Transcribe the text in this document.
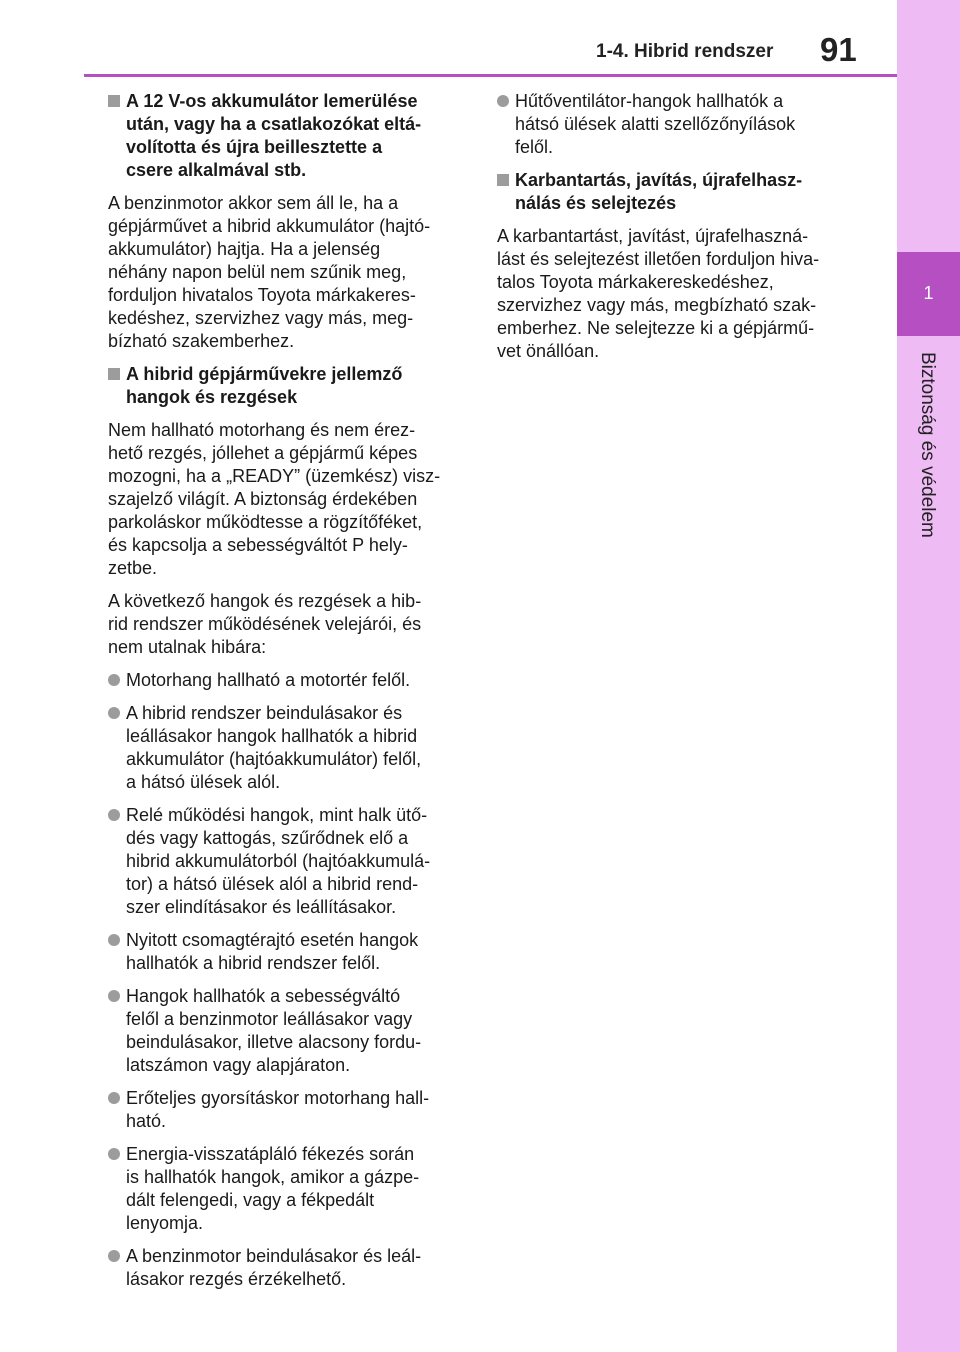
1-4. Hibrid rendszer 91
1
Biztonság és védelem
A 12 V-os akkumulátor lemerülése
után, vagy ha a csatlakozókat eltá-
volította és újra beillesztette a
csere alkalmával stb.
A benzinmotor akkor sem áll le, ha a
gépjárművet a hibrid akkumulátor (hajtó-
akkumulátor) hajtja. Ha a jelenség
néhány napon belül nem szűnik meg,
forduljon hivatalos Toyota márkakeres-
kedéshez, szervizhez vagy más, meg-
bízható szakemberhez.
A hibrid gépjárművekre jellemző
hangok és rezgések
Nem hallható motorhang és nem érez-
hető rezgés, jóllehet a gépjármű képes
mozogni, ha a „READY” (üzemkész) visz-
szajelző világít. A biztonság érdekében
parkoláskor működtesse a rögzítőféket,
és kapcsolja a sebességváltót P hely-
zetbe.
A következő hangok és rezgések a hib-
rid rendszer működésének velejárói, és
nem utalnak hibára:
Motorhang hallható a motortér felől.
A hibrid rendszer beindulásakor és
leállásakor hangok hallhatók a hibrid
akkumulátor (hajtóakkumulátor) felől,
a hátsó ülések alól.
Relé működési hangok, mint halk ütő-
dés vagy kattogás, szűrődnek elő a
hibrid akkumulátorból (hajtóakkumulá-
tor) a hátsó ülések alól a hibrid rend-
szer elindításakor és leállításakor.
Nyitott csomagtérajtó esetén hangok
hallhatók a hibrid rendszer felől.
Hangok hallhatók a sebességváltó
felől a benzinmotor leállásakor vagy
beindulásakor, illetve alacsony fordu-
latszámon vagy alapjáraton.
Erőteljes gyorsításkor motorhang hall-
ható.
Energia-visszatápláló fékezés során
is hallhatók hangok, amikor a gázpe-
dált felengedi, vagy a fékpedált
lenyomja.
A benzinmotor beindulásakor és leál-
lásakor rezgés érzékelhető.
Hűtőventilátor-hangok hallhatók a
hátsó ülések alatti szellőzőnyílások
felől.
Karbantartás, javítás, újrafelhasz-
nálás és selejtezés
A karbantartást, javítást, újrafelhaszná-
lást és selejtezést illetően forduljon hiva-
talos Toyota márkakereskedéshez,
szervizhez vagy más, megbízható szak-
emberhez. Ne selejtezze ki a gépjármű-
vet önállóan.
